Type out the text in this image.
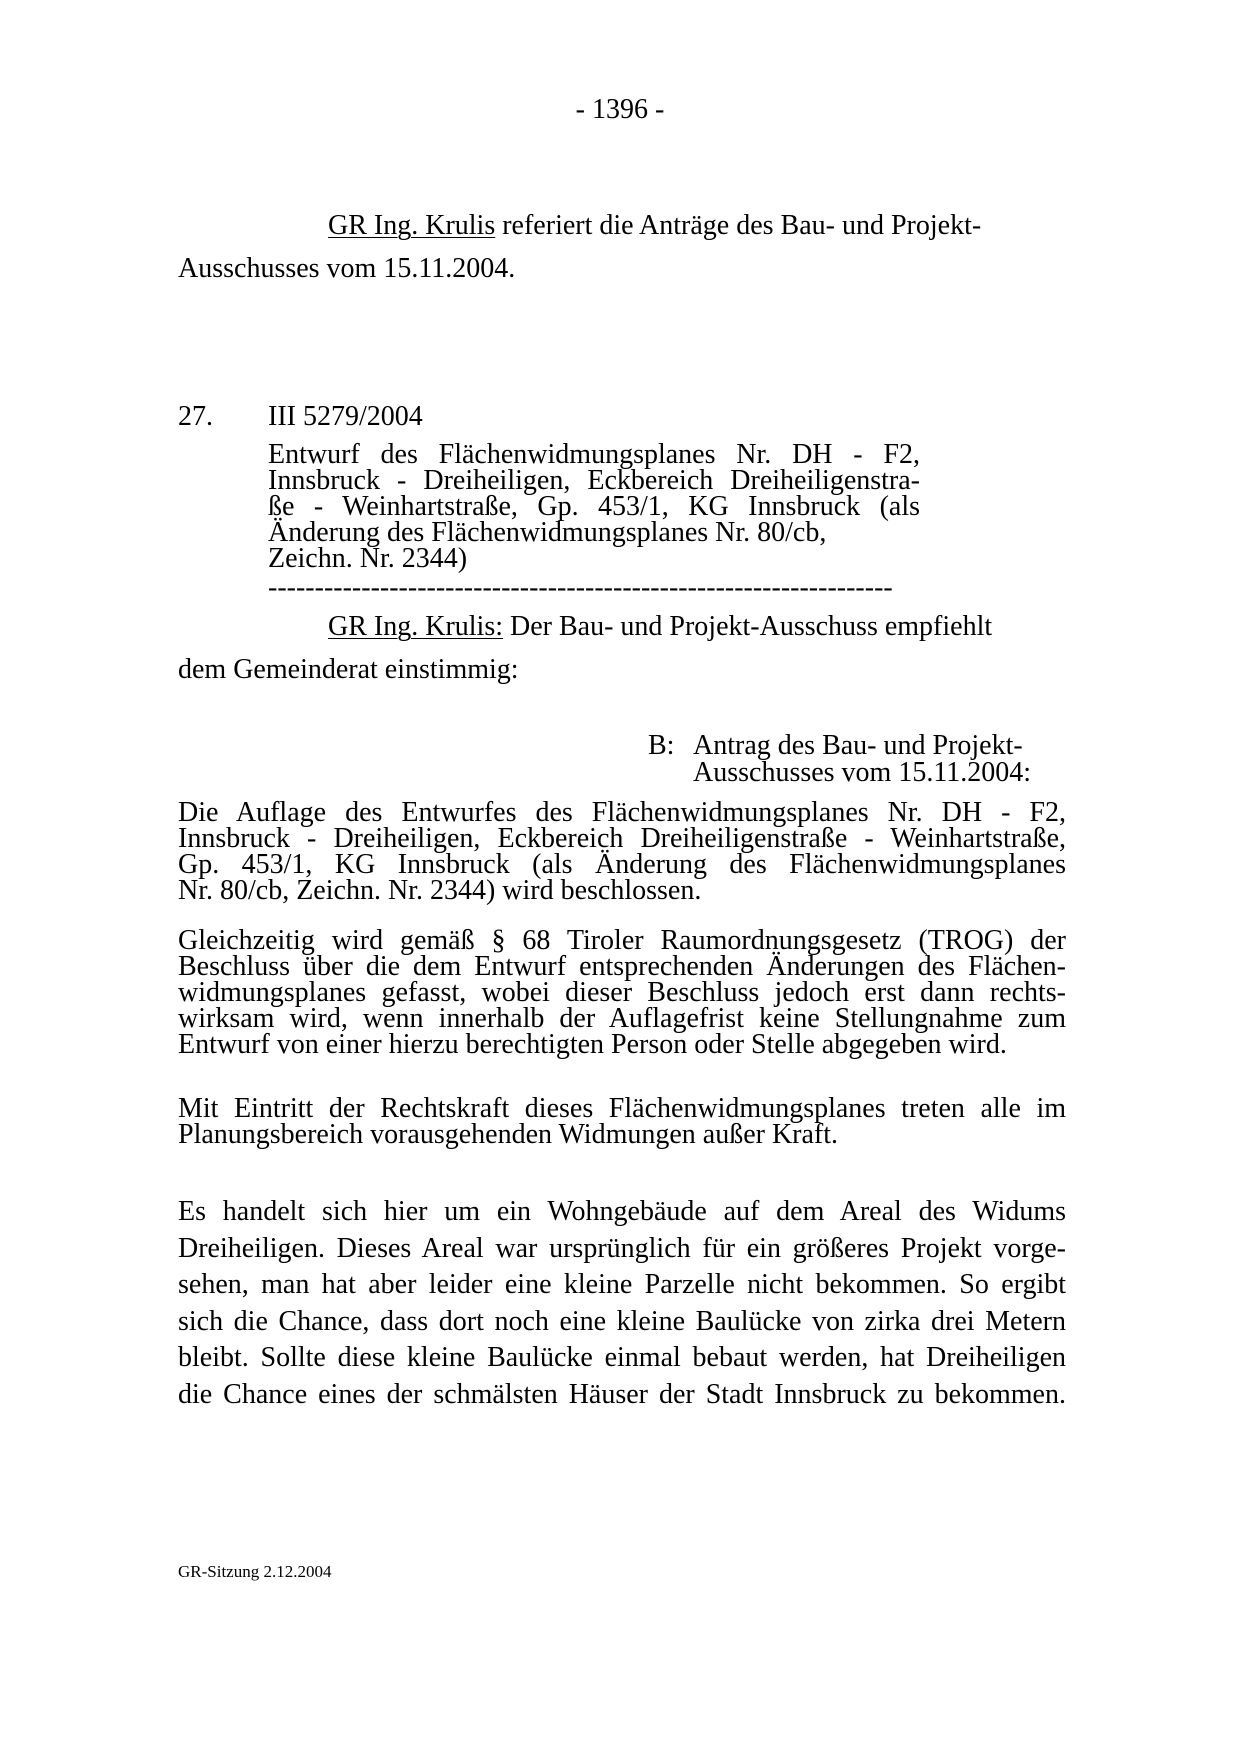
- 1396 -
GR Ing. Krulis referiert die Anträge des Bau- und Projekt-
Ausschusses vom 15.11.2004.
27. III 5279/2004
Entwurf des Flächenwidmungsplanes Nr. DH - F2,
Innsbruck - Dreiheiligen, Eckbereich Dreiheiligenstra-
ße - Weinhartstraße, Gp. 453/1, KG Innsbruck (als
Änderung des Flächenwidmungsplanes Nr. 80/cb,
Zeichn. Nr. 2344)
-------------------------------------------------------------------
GR Ing. Krulis: Der Bau- und Projekt-Ausschuss empfiehlt
dem Gemeinderat einstimmig:
B: Antrag des Bau- und Projekt-
Ausschusses vom 15.11.2004:
Die Auflage des Entwurfes des Flächenwidmungsplanes Nr. DH - F2,
Innsbruck - Dreiheiligen, Eckbereich Dreiheiligenstraße - Weinhartstraße,
Gp. 453/1, KG Innsbruck (als Änderung des Flächenwidmungsplanes
Nr. 80/cb, Zeichn. Nr. 2344) wird beschlossen.
Gleichzeitig wird gemäß § 68 Tiroler Raumordnungsgesetz (TROG) der
Beschluss über die dem Entwurf entsprechenden Änderungen des Flächen-
widmungsplanes gefasst, wobei dieser Beschluss jedoch erst dann rechts-
wirksam wird, wenn innerhalb der Auflagefrist keine Stellungnahme zum
Entwurf von einer hierzu berechtigten Person oder Stelle abgegeben wird.
Mit Eintritt der Rechtskraft dieses Flächenwidmungsplanes treten alle im
Planungsbereich vorausgehenden Widmungen außer Kraft.
Es handelt sich hier um ein Wohngebäude auf dem Areal des Widums
Dreiheiligen. Dieses Areal war ursprünglich für ein größeres Projekt vorge-
sehen, man hat aber leider eine kleine Parzelle nicht bekommen. So ergibt
sich die Chance, dass dort noch eine kleine Baulücke von zirka drei Metern
bleibt. Sollte diese kleine Baulücke einmal bebaut werden, hat Dreiheiligen
die Chance eines der schmälsten Häuser der Stadt Innsbruck zu bekommen.
GR-Sitzung 2.12.2004
